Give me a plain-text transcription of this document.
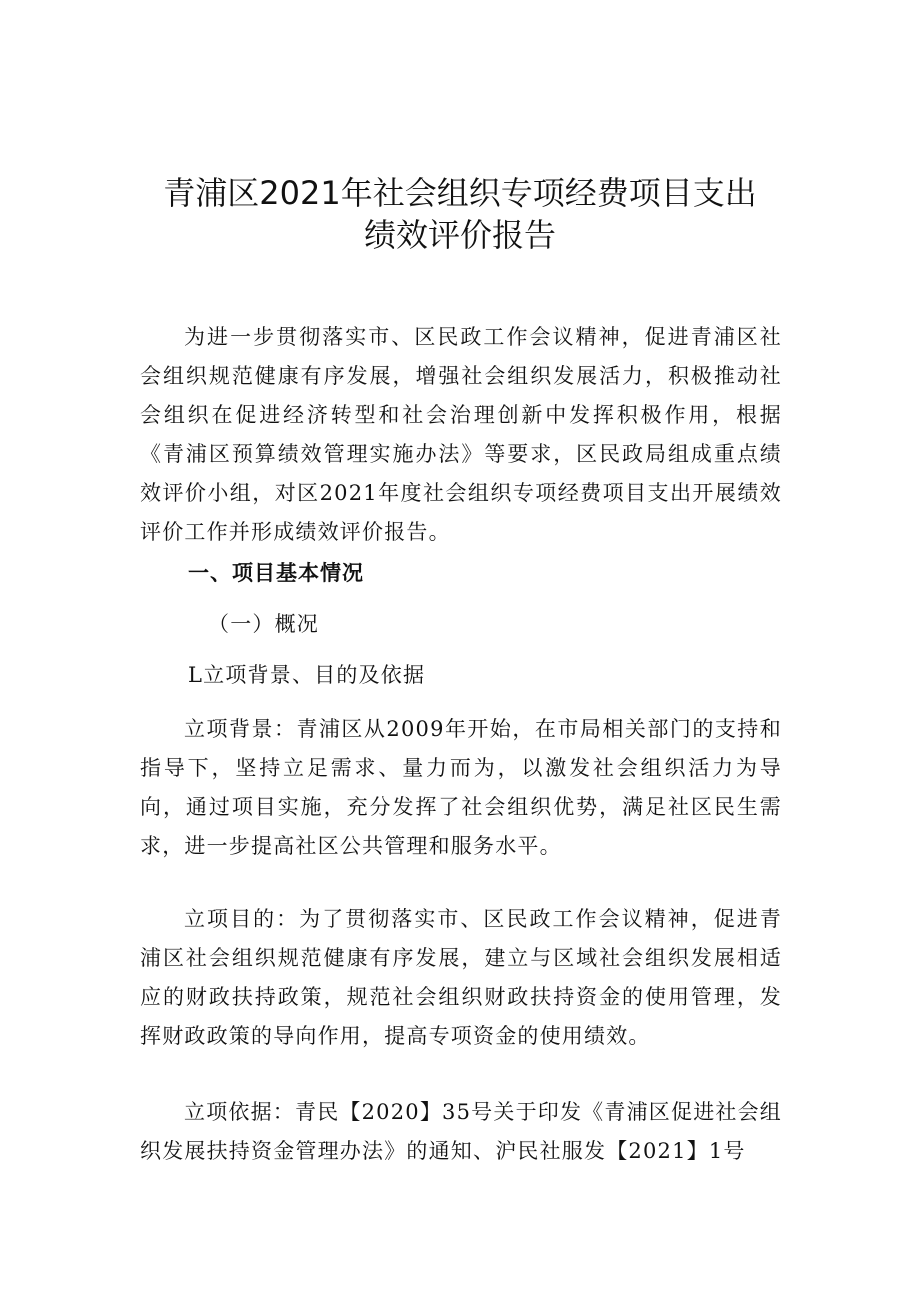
青浦区2021年社会组织专项经费项目支出
绩效评价报告

为进一步贯彻落实市、区民政工作会议精神，促进青浦区社会组织规范健康有序发展，增强社会组织发展活力，积极推动社会组织在促进经济转型和社会治理创新中发挥积极作用，根据《青浦区预算绩效管理实施办法》等要求，区民政局组成重点绩效评价小组，对区2021年度社会组织专项经费项目支出开展绩效评价工作并形成绩效评价报告。

一、项目基本情况
（一）概况
L立项背景、目的及依据

立项背景：青浦区从2009年开始，在市局相关部门的支持和指导下，坚持立足需求、量力而为，以激发社会组织活力为导向，通过项目实施，充分发挥了社会组织优势，满足社区民生需求，进一步提高社区公共管理和服务水平。

立项目的：为了贯彻落实市、区民政工作会议精神，促进青浦区社会组织规范健康有序发展，建立与区域社会组织发展相适应的财政扶持政策，规范社会组织财政扶持资金的使用管理，发挥财政政策的导向作用，提高专项资金的使用绩效。

立项依据：青民【2020】35号关于印发《青浦区促进社会组织发展扶持资金管理办法》的通知、沪民社服发【2021】1号
